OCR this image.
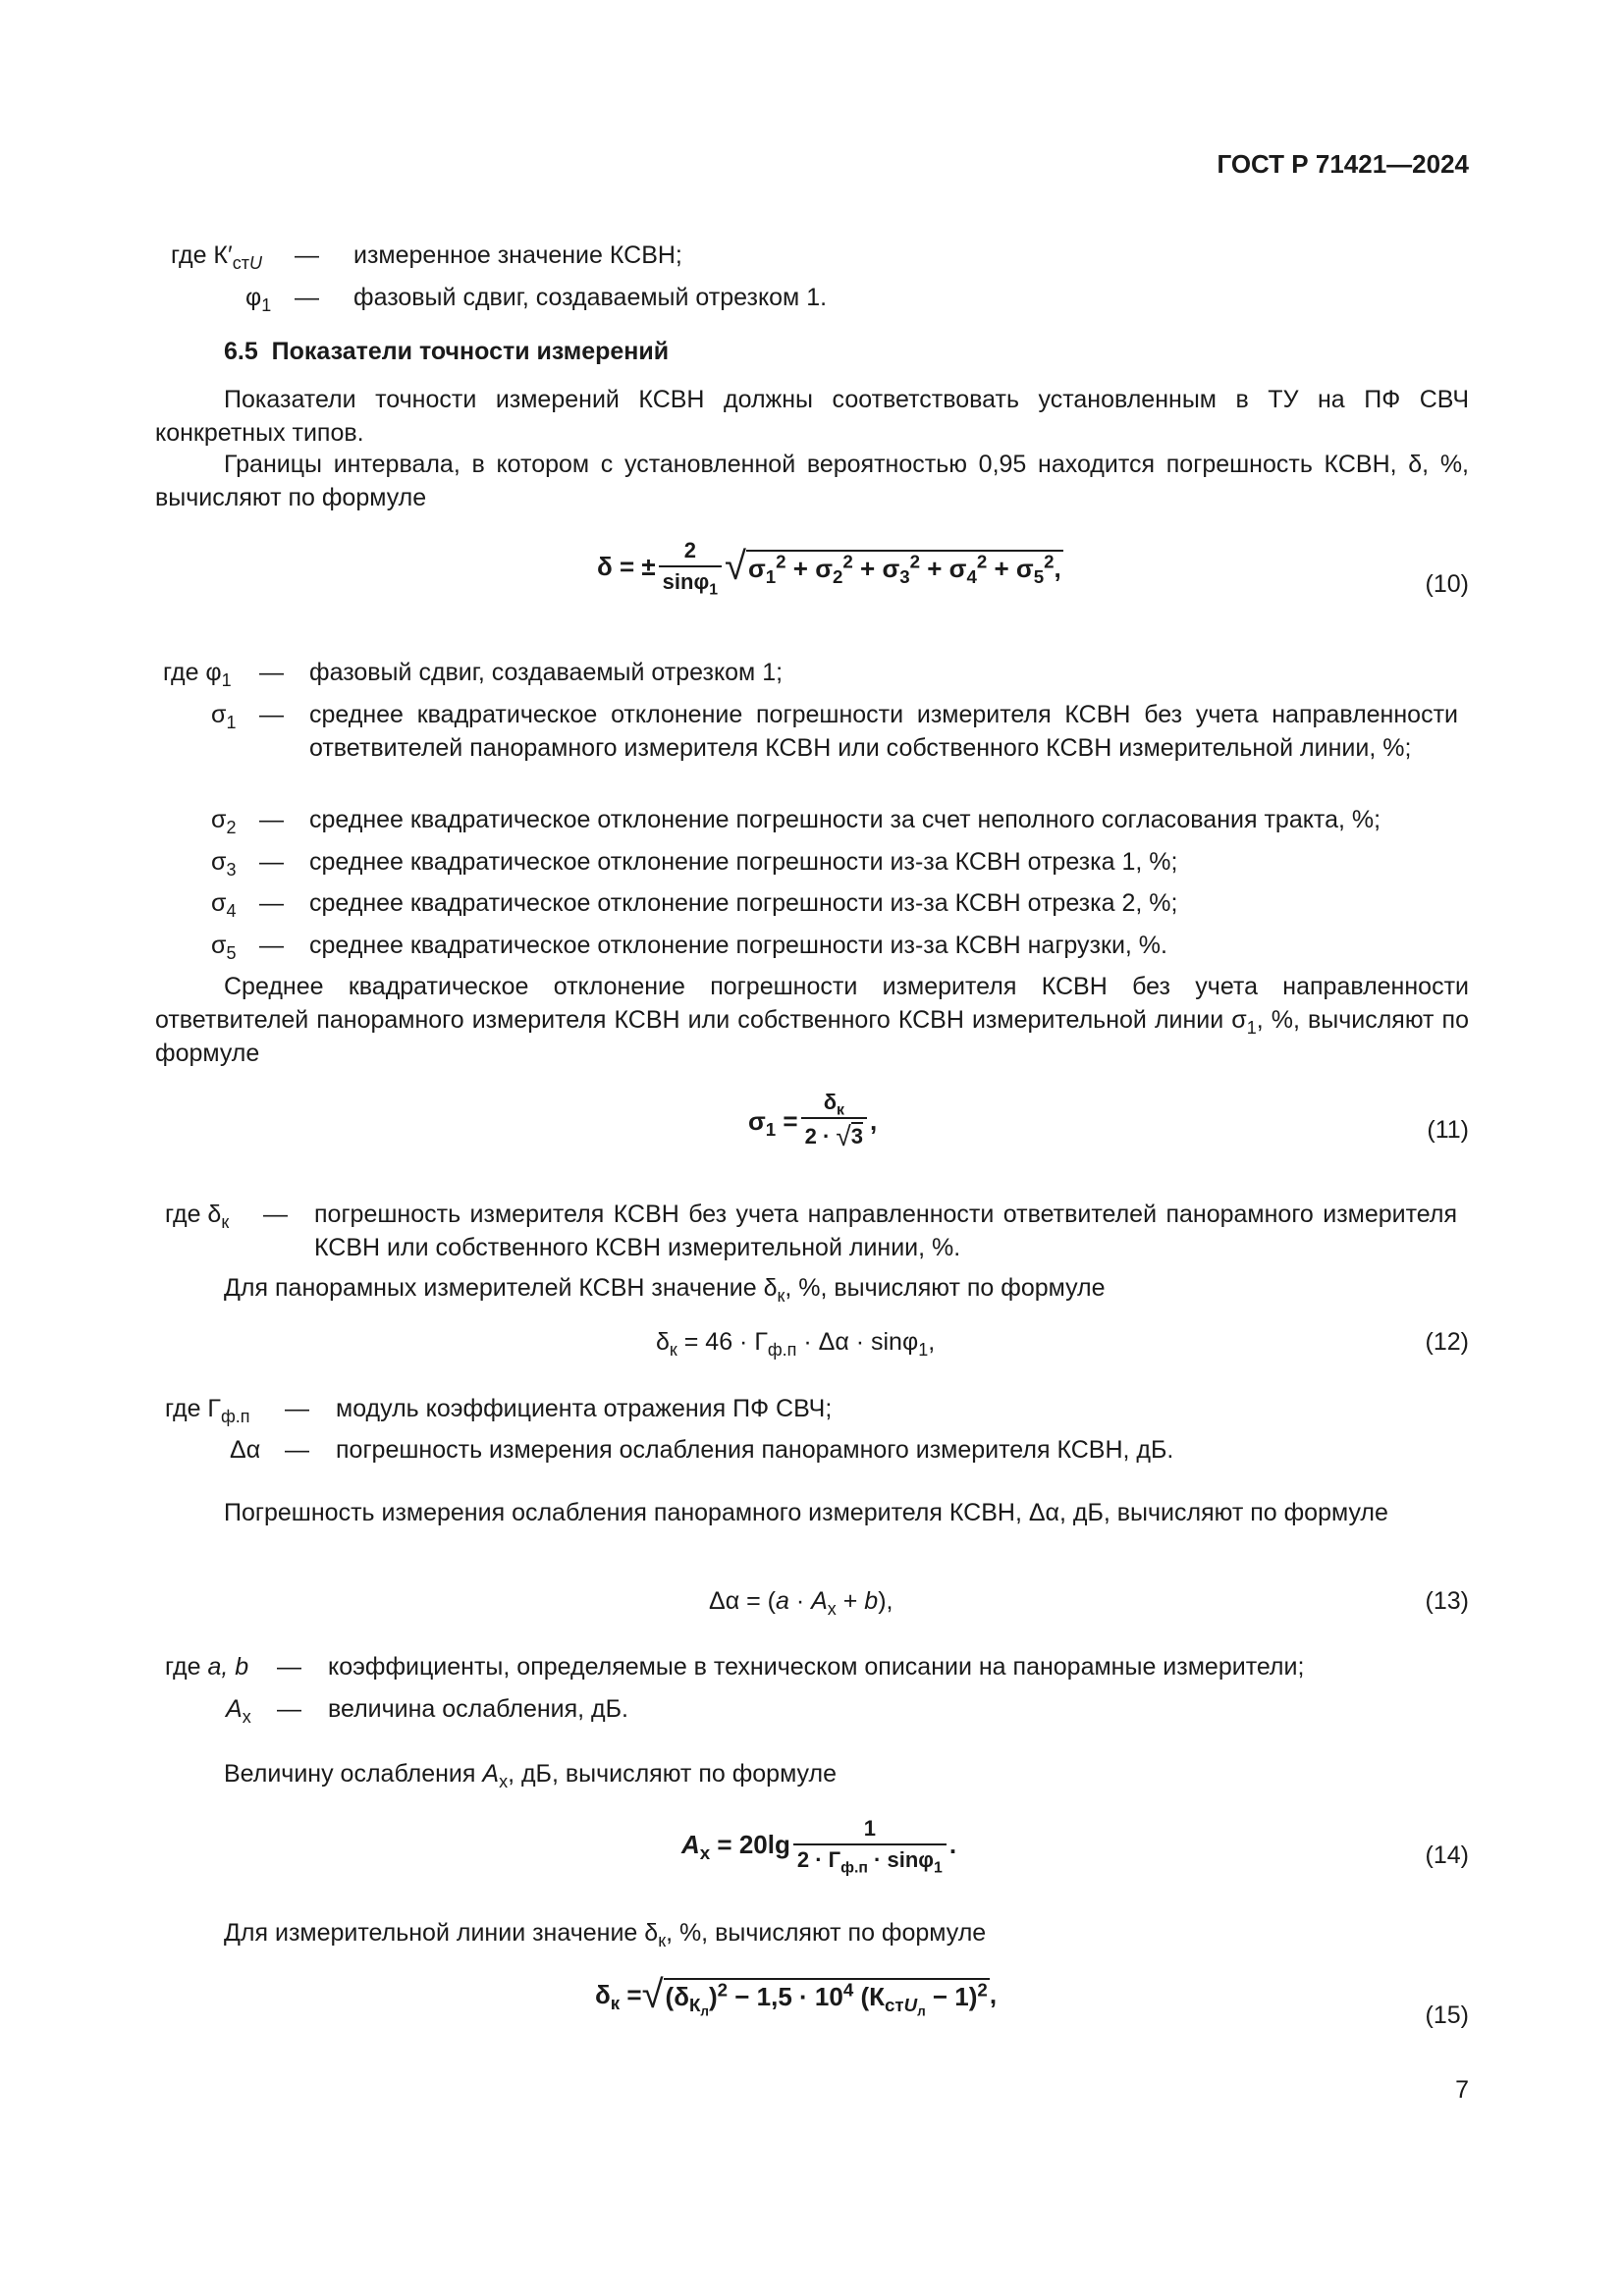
ГОСТ Р 71421—2024
где $К'_{стU}$ — измеренное значение КСВН;
$\varphi_1$ — фазовый сдвиг, создаваемый отрезком 1.
6.5 Показатели точности измерений
Показатели точности измерений КСВН должны соответствовать установленным в ТУ на ПФ СВЧ конкретных типов.
Границы интервала, в котором с установленной вероятностью 0,95 находится погрешность КСВН, δ, %, вычисляют по формуле
δ = ± $\frac{2}{\sin\varphi_1}$ √ $\sigma_1^2 + \sigma_2^2 + \sigma_3^2 + \sigma_4^2 + \sigma_5^2$,
(10)
где $\varphi_1$ — фазовый сдвиг, создаваемый отрезком 1;
$\sigma_1$ — среднее квадратическое отклонение погрешности измерителя КСВН без учета направленности ответвителей панорамного измерителя КСВН или собственного КСВН измерительной линии, %;
$\sigma_2$ — среднее квадратическое отклонение погрешности за счет неполного согласования тракта, %;
$\sigma_3$ — среднее квадратическое отклонение погрешности из-за КСВН отрезка 1, %;
$\sigma_4$ — среднее квадратическое отклонение погрешности из-за КСВН отрезка 2, %;
$\sigma_5$ — среднее квадратическое отклонение погрешности из-за КСВН нагрузки, %.
Среднее квадратическое отклонение погрешности измерителя КСВН без учета направленности ответвителей панорамного измерителя КСВН или собственного КСВН измерительной линии $\sigma_1$, %, вычисляют по формуле
$\sigma_1 = \frac{\delta_к}{2 \cdot √3}$ ,	(11)
где $\delta_к$ — погрешность измерителя КСВН без учета направленности ответвителей панорамного измерителя КСВН или собственного КСВН измерительной линии, %.
Для панорамных измерителей КСВН значение $\delta_к$, %, вычисляют по формуле
$\delta_к = 46 \cdot Г_{ф.п} \cdot \Delta\alpha \cdot \sin\varphi_1$,	(12)
где $Г_{ф.п}$ — модуль коэффициента отражения ПФ СВЧ;
Δα — погрешность измерения ослабления панорамного измерителя КСВН, дБ.
Погрешность измерения ослабления панорамного измерителя КСВН, Δα, дБ, вычисляют по формуле
$\Delta\alpha = (a \cdot A_x + b)$,	(13)
где a, b — коэффициенты, определяемые в техническом описании на панорамные измерители;
$A_x$ — величина ослабления, дБ.
Величину ослабления $A_x$, дБ, вычисляют по формуле
$A_x = 20\lg \frac{1}{2 \cdot Г_{ф.п} \cdot \sin\varphi_1}$ .	(14)
Для измерительной линии значение $\delta_к$, %, вычисляют по формуле
$\delta_к$ = √ $(\delta_{К_л})^2 - 1,5 \cdot 10^4$ $(К_{стU_л} - 1)^2$ ,
(15)
7
